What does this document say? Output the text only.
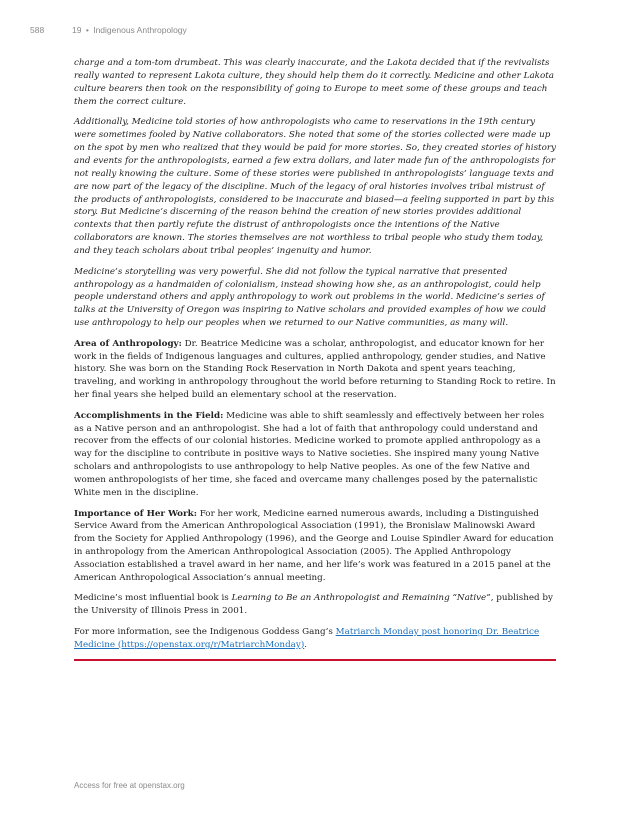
588	19 • Indigenous Anthropology

charge and a tom-tom drumbeat. This was clearly inaccurate, and the Lakota decided that if the revivalists really wanted to represent Lakota culture, they should help them do it correctly. Medicine and other Lakota culture bearers then took on the responsibility of going to Europe to meet some of these groups and teach them the correct culture.

Additionally, Medicine told stories of how anthropologists who came to reservations in the 19th century were sometimes fooled by Native collaborators. She noted that some of the stories collected were made up on the spot by men who realized that they would be paid for more stories. So, they created stories of history and events for the anthropologists, earned a few extra dollars, and later made fun of the anthropologists for not really knowing the culture. Some of these stories were published in anthropologists’ language texts and are now part of the legacy of the discipline. Much of the legacy of oral histories involves tribal mistrust of the products of anthropologists, considered to be inaccurate and biased—a feeling supported in part by this story. But Medicine’s discerning of the reason behind the creation of new stories provides additional contexts that then partly refute the distrust of anthropologists once the intentions of the Native collaborators are known. The stories themselves are not worthless to tribal people who study them today, and they teach scholars about tribal peoples’ ingenuity and humor.

Medicine’s storytelling was very powerful. She did not follow the typical narrative that presented anthropology as a handmaiden of colonialism, instead showing how she, as an anthropologist, could help people understand others and apply anthropology to work out problems in the world. Medicine’s series of talks at the University of Oregon was inspiring to Native scholars and provided examples of how we could use anthropology to help our peoples when we returned to our Native communities, as many will.

Area of Anthropology: Dr. Beatrice Medicine was a scholar, anthropologist, and educator known for her work in the fields of Indigenous languages and cultures, applied anthropology, gender studies, and Native history. She was born on the Standing Rock Reservation in North Dakota and spent years teaching, traveling, and working in anthropology throughout the world before returning to Standing Rock to retire. In her final years she helped build an elementary school at the reservation.

Accomplishments in the Field: Medicine was able to shift seamlessly and effectively between her roles as a Native person and an anthropologist. She had a lot of faith that anthropology could understand and recover from the effects of our colonial histories. Medicine worked to promote applied anthropology as a way for the discipline to contribute in positive ways to Native societies. She inspired many young Native scholars and anthropologists to use anthropology to help Native peoples. As one of the few Native and women anthropologists of her time, she faced and overcame many challenges posed by the paternalistic White men in the discipline.

Importance of Her Work: For her work, Medicine earned numerous awards, including a Distinguished Service Award from the American Anthropological Association (1991), the Bronislaw Malinowski Award from the Society for Applied Anthropology (1996), and the George and Louise Spindler Award for education in anthropology from the American Anthropological Association (2005). The Applied Anthropology Association established a travel award in her name, and her life’s work was featured in a 2015 panel at the American Anthropological Association’s annual meeting.

Medicine’s most influential book is Learning to Be an Anthropologist and Remaining “Native”, published by the University of Illinois Press in 2001.

For more information, see the Indigenous Goddess Gang’s Matriarch Monday post honoring Dr. Beatrice Medicine (https://openstax.org/r/MatriarchMonday).

Access for free at openstax.org
